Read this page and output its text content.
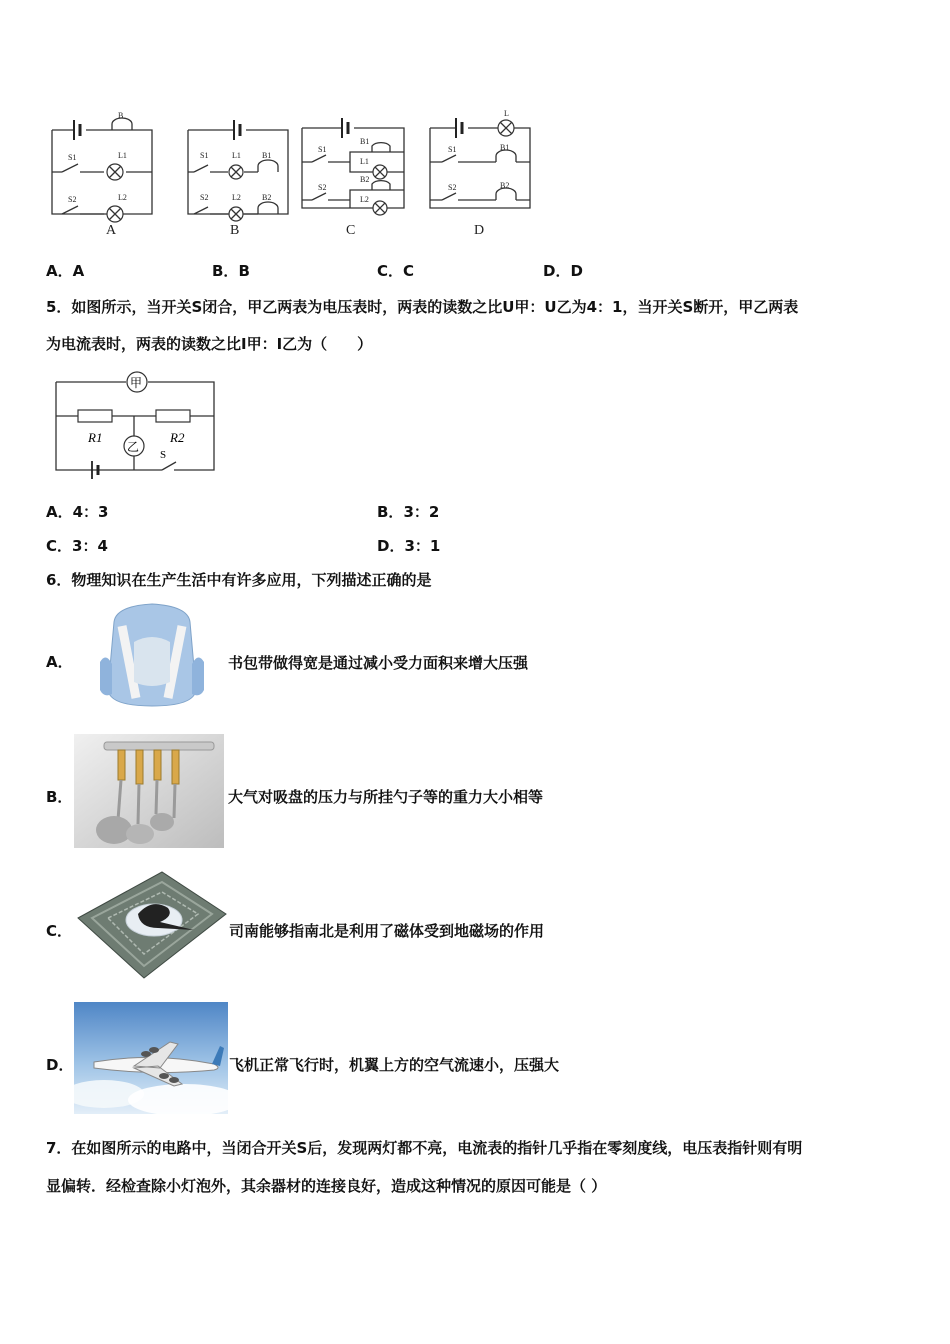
B
S1	L1
S2	L2
A
S1	L1	B1
S2	L2	B2
B
S1
B1
L1
S2
B2
L2
C
L
S1	B1
S2	B2
D
A．A	B．B	C．C	D．D
5．如图所示，当开关S闭合，甲乙两表为电压表时，两表的读数之比U甲：U乙为4：1，当开关S断开，甲乙两表
为电流表时，两表的读数之比I甲：I乙为（　　）
甲
R1	R2
乙
S
A．4：3	B．3：2
C．3：4	D．3：1
6．物理知识在生产生活中有许多应用，下列描述正确的是
A．	书包带做得宽是通过减小受力面积来增大压强
B．	大气对吸盘的压力与所挂勺子等的重力大小相等
C．	司南能够指南北是利用了磁体受到地磁场的作用
D．	飞机正常飞行时，机翼上方的空气流速小，压强大
7．在如图所示的电路中，当闭合开关S后，发现两灯都不亮，电流表的指针几乎指在零刻度线，电压表指针则有明
显偏转．经检查除小灯泡外，其余器材的连接良好，造成这种情况的原因可能是（ ）
